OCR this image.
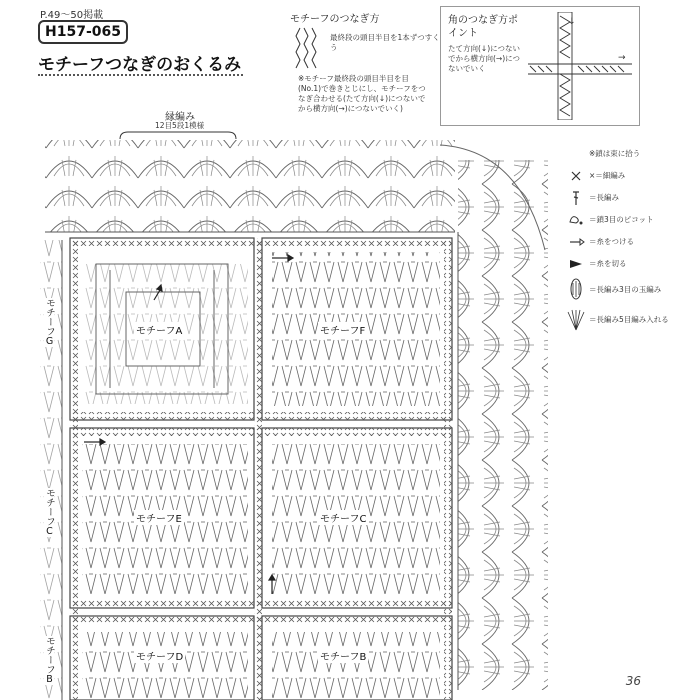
P.49～50掲載
H157-065
モチーフつなぎのおくるみ
モチーフのつなぎ方
最終段の頭目半目を1本ずつすくう
※モチーフ最終段の頭目半目を目(No.1)で巻きとじにし、モチーフをつなぎ合わせる(たて方向(↓)につないでから横方向(→)につないでいく)
角のつなぎ方ポイント
たて方向(↓)につないでから横方向(→)につないでいく
↓
→
縁編み
12目5段1模様
モチーフA	モチーフF
モチーフE	モチーフC
モチーフD	モチーフB
モチーフG
モチーフC
モチーフB
※鎖は束に拾う
×＝細編み
＝長編み
＝鎖3目のピコット
＝糸をつける
＝糸を切る
＝長編み3目の玉編み
＝長編み5目編み入れる
36
